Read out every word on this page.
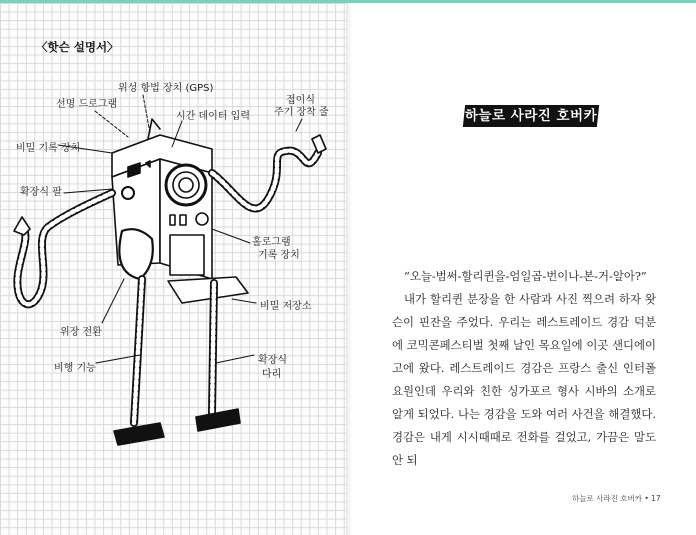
〈핫슨 설명서〉
위성 항법 장치 (GPS)
선명 드로그램
시간 데이터 입력
접이식
주기 장착 줄
비밀 기록 장치
확장식 팔
홀로그램
기록 장치
비밀 저장소
위장 전환
비행 기능
확장식
다리
하늘로 사라진 호버카

“오늘-범써-할리퀸을-엄일곱-번이나-본-거-알아?”

내가 할리퀸 분장을 한 사람과 사진 찍으려 하자 왓슨이 핀잔을 주었다. 우리는 레스트레이드 경감 덕분에 코믹콘페스티벌 첫째 날인 목요일에 이곳 샌디에이고에 왔다. 레스트레이드 경감은 프랑스 출신 인터폴 요원인데 우리와 친한 싱가포르 형사 시바의 소개로 알게 되었다. 나는 경감을 도와 여러 사건을 해결했다. 경감은 내게 시시때때로 전화를 걸었고, 가끔은 말도 안 되

하늘로 사라진 호버카 • 17
